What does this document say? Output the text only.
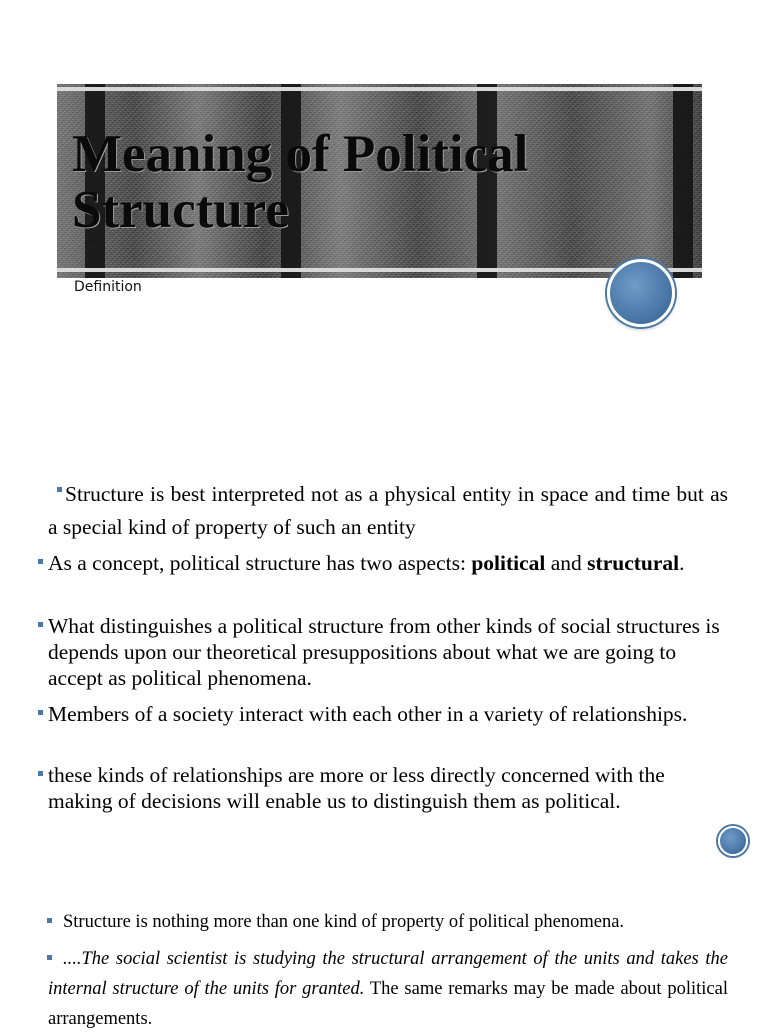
Meaning of Political Structure
Definition

Structure is best interpreted not as a physical entity in space and time but as a special kind of property of such an entity

As a concept, political structure has two aspects: political and structural.

What distinguishes a political structure from other kinds of social structures is depends upon our theoretical presuppositions about what we are going to accept as political phenomena.

Members of a society interact with each other in a variety of relationships.

these kinds of relationships are more or less directly concerned with the making of decisions will enable us to distinguish them as political.

Structure is nothing more than one kind of property of political phenomena.

....The social scientist is studying the structural arrangement of the units and takes the internal structure of the units for granted. The same remarks may be made about political arrangements.
